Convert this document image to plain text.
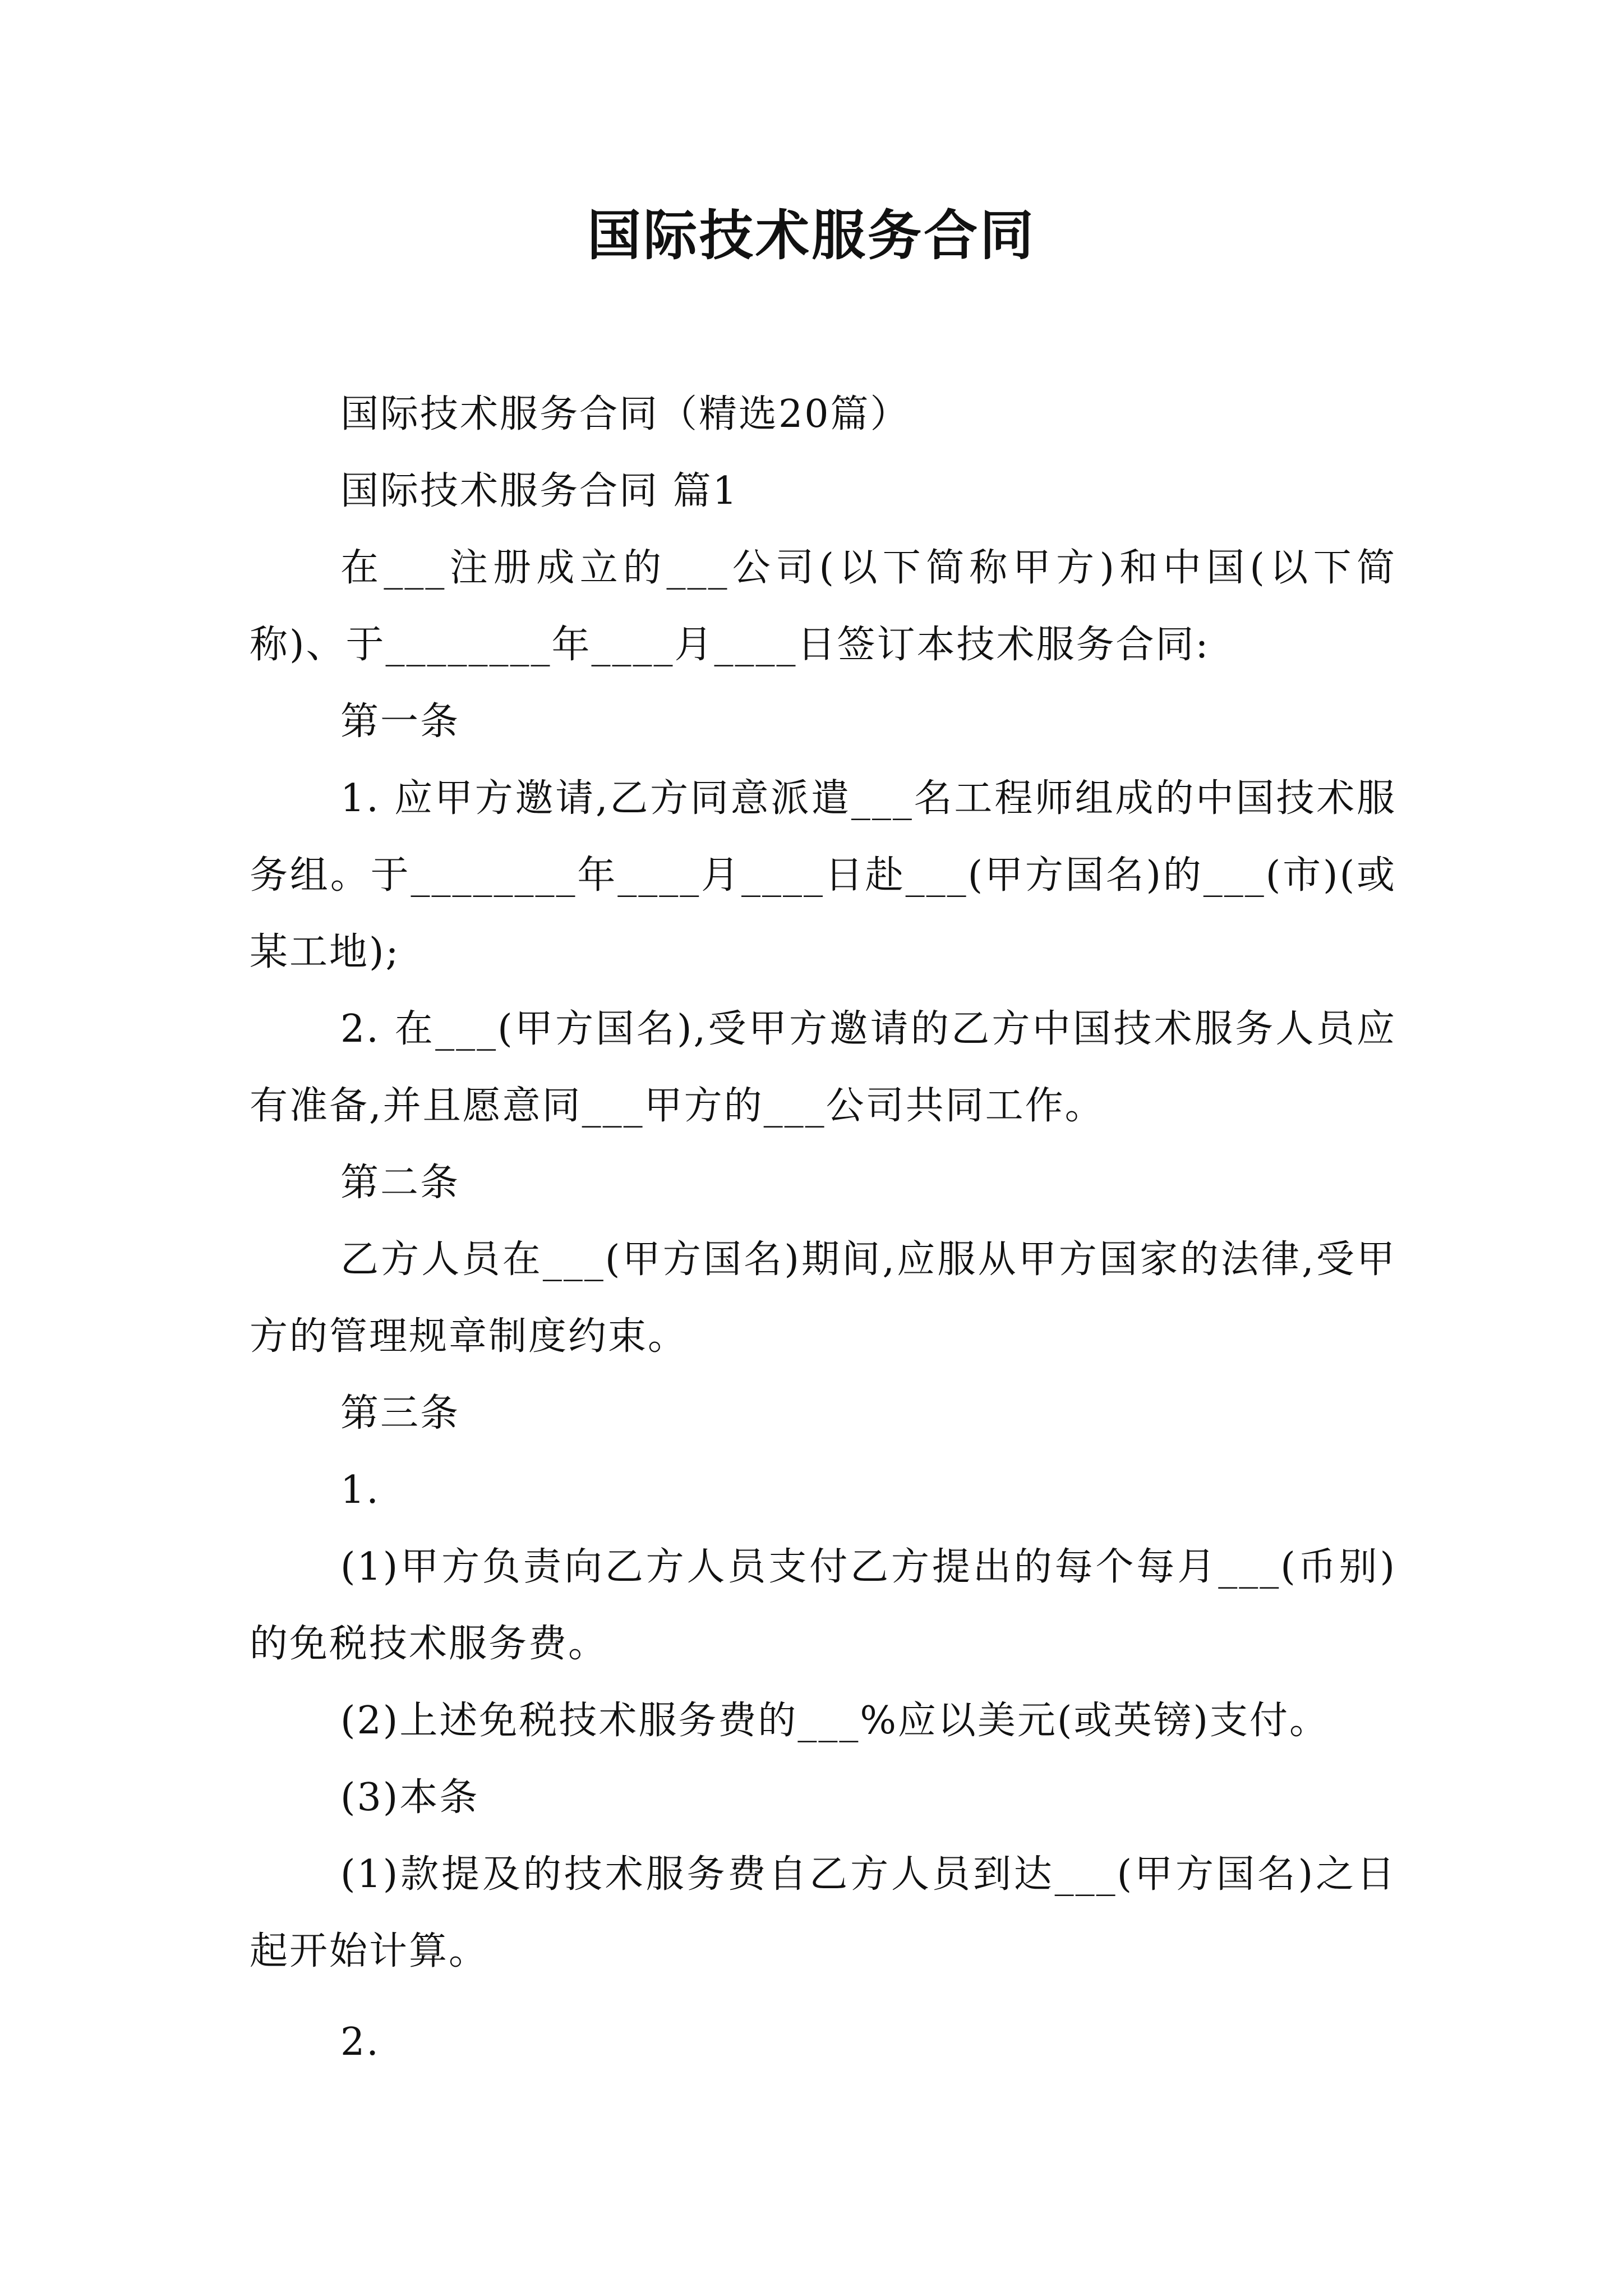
国际技术服务合同

国际技术服务合同（精选20篇）

国际技术服务合同 篇1

在___注册成立的___公司(以下简称甲方)和中国(以下简称)、于________年____月____日签订本技术服务合同:

第一条

1. 应甲方邀请,乙方同意派遣___名工程师组成的中国技术服务组。于________年____月____日赴___(甲方国名)的___(市)(或某工地);

2. 在___(甲方国名),受甲方邀请的乙方中国技术服务人员应有准备,并且愿意同___甲方的___公司共同工作。

第二条

乙方人员在___(甲方国名)期间,应服从甲方国家的法律,受甲方的管理规章制度约束。

第三条

1.

(1)甲方负责向乙方人员支付乙方提出的每个每月___(币别)的免税技术服务费。

(2)上述免税技术服务费的___%应以美元(或英镑)支付。

(3)本条

(1)款提及的技术服务费自乙方人员到达___(甲方国名)之日起开始计算。

2.
